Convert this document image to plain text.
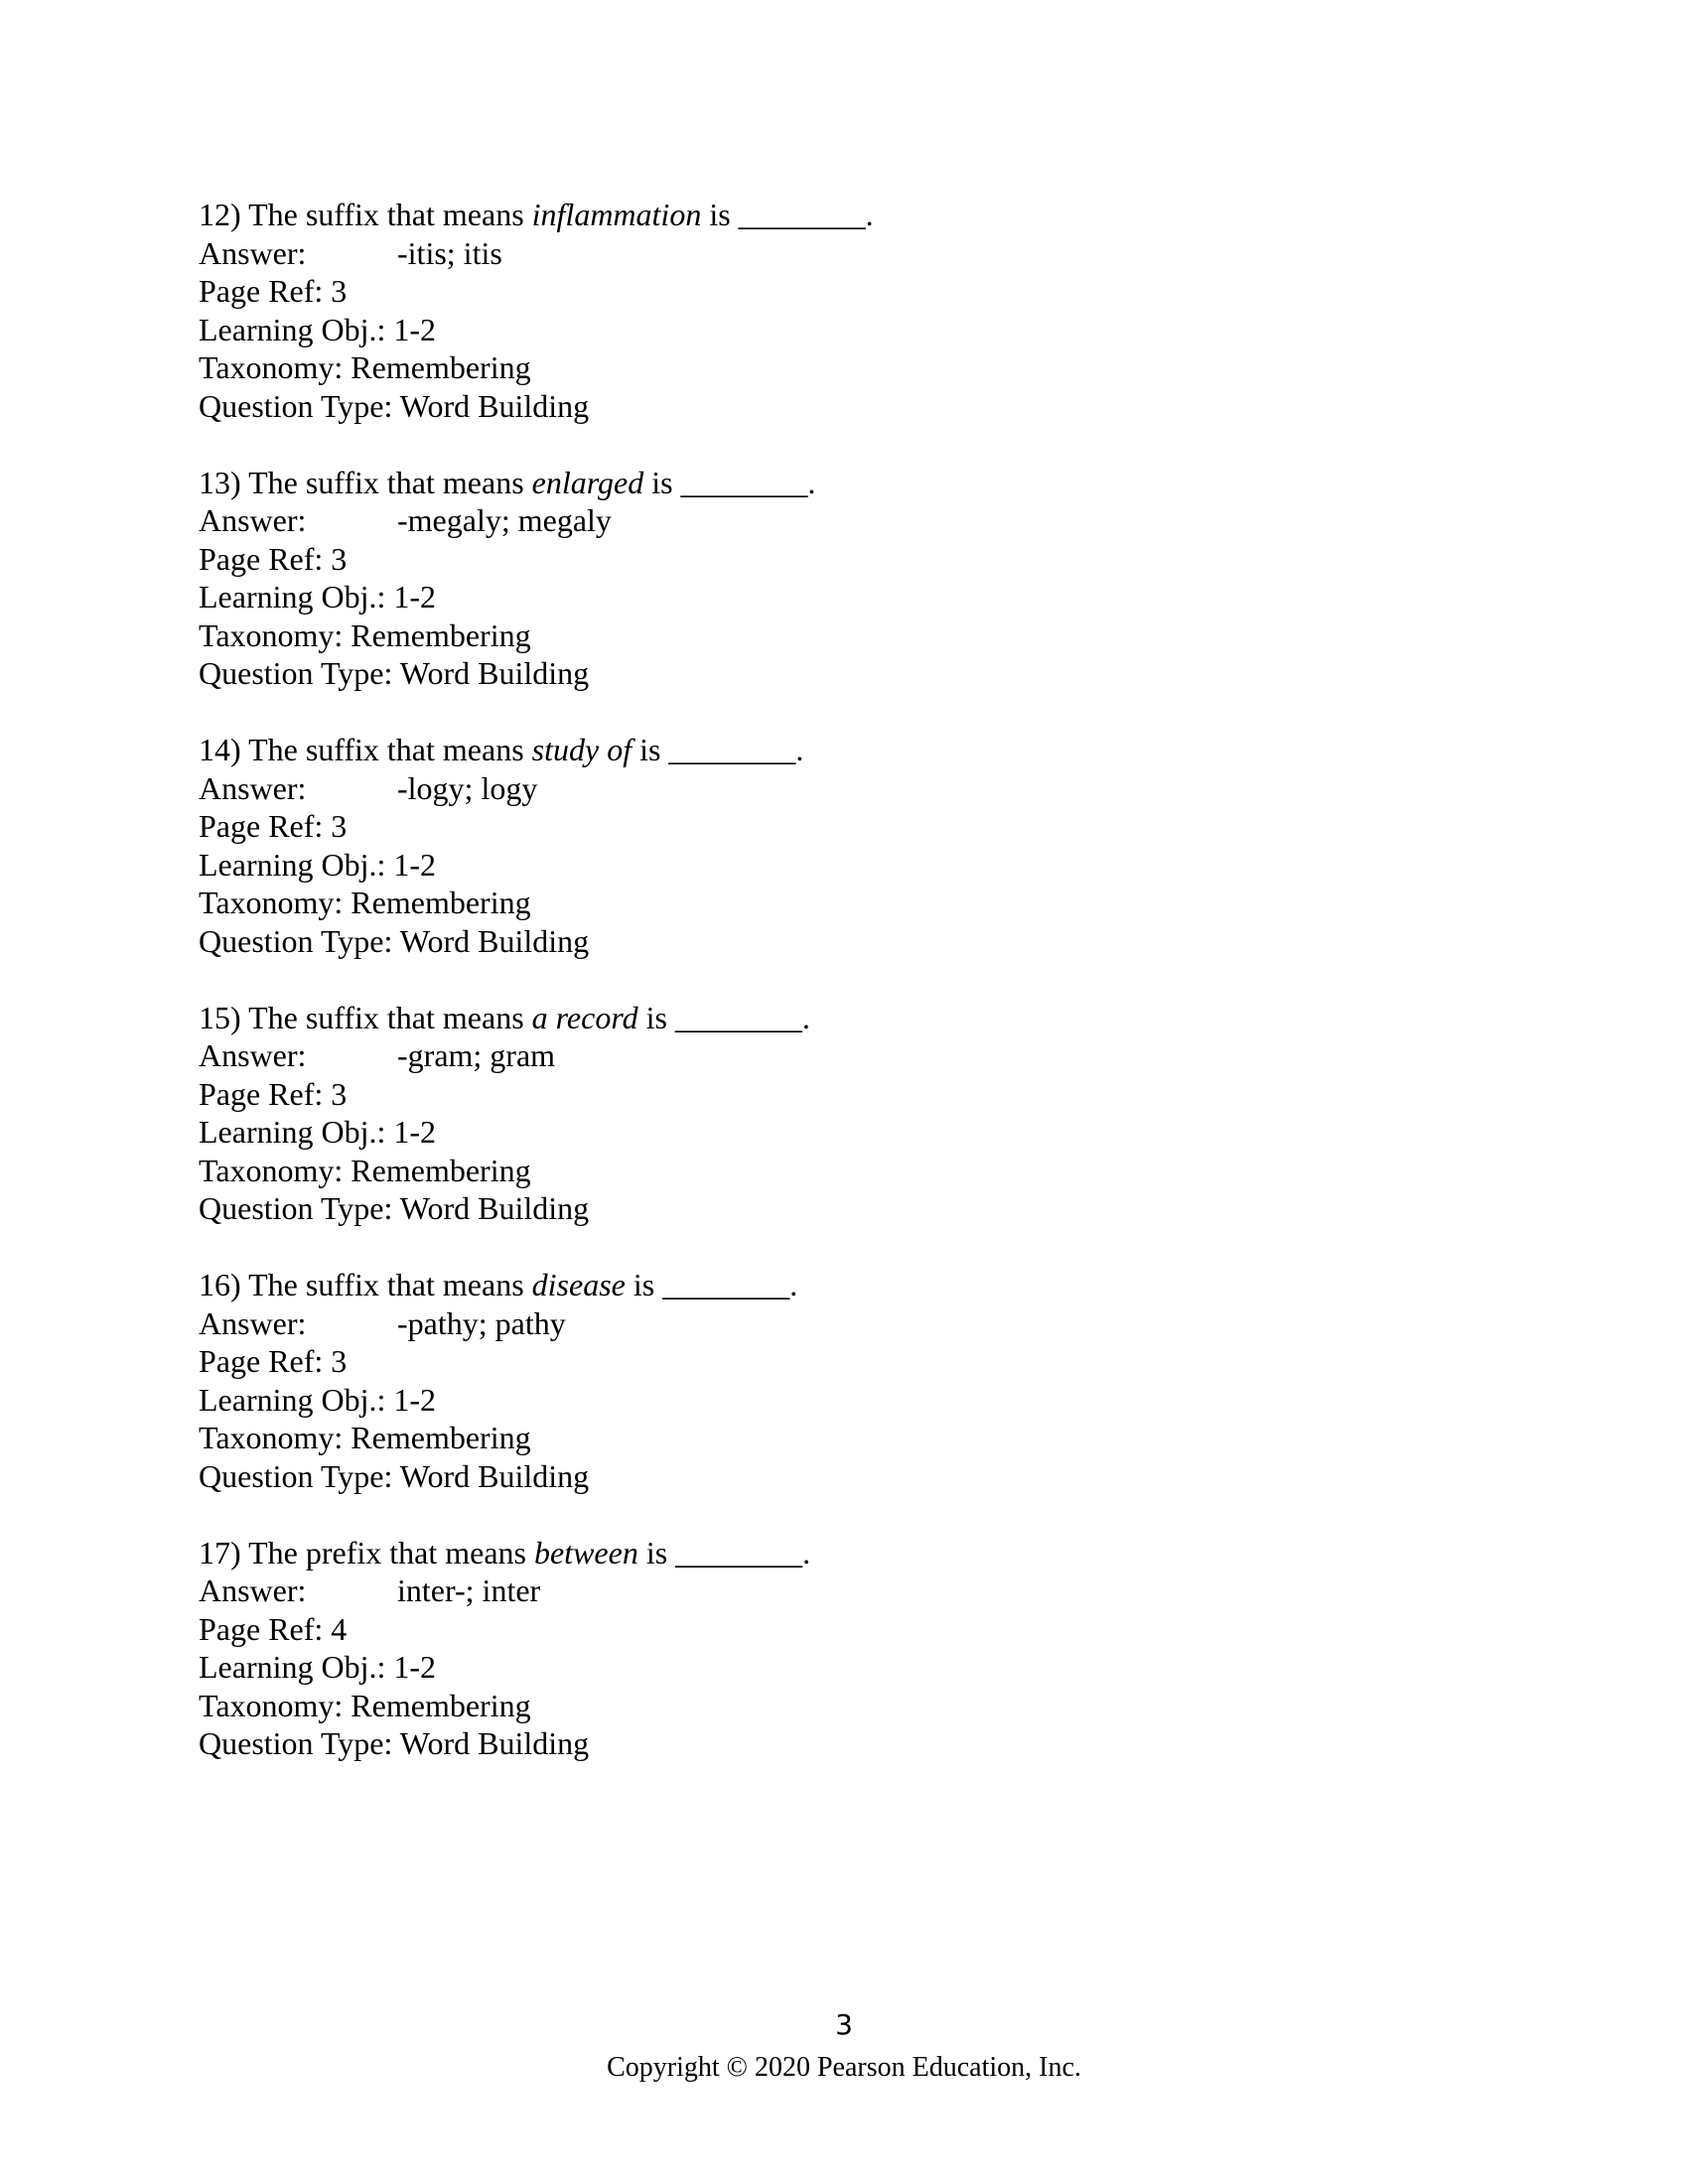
12) The suffix that means inflammation is ________.
Answer:	-itis; itis
Page Ref: 3
Learning Obj.: 1-2
Taxonomy: Remembering
Question Type: Word Building
13) The suffix that means enlarged is ________.
Answer:	-megaly; megaly
Page Ref: 3
Learning Obj.: 1-2
Taxonomy: Remembering
Question Type: Word Building
14) The suffix that means study of is ________.
Answer:	-logy; logy
Page Ref: 3
Learning Obj.: 1-2
Taxonomy: Remembering
Question Type: Word Building
15) The suffix that means a record is ________.
Answer:	-gram; gram
Page Ref: 3
Learning Obj.: 1-2
Taxonomy: Remembering
Question Type: Word Building
16) The suffix that means disease is ________.
Answer:	-pathy; pathy
Page Ref: 3
Learning Obj.: 1-2
Taxonomy: Remembering
Question Type: Word Building
17) The prefix that means between is ________.
Answer:	inter-; inter
Page Ref: 4
Learning Obj.: 1-2
Taxonomy: Remembering
Question Type: Word Building
3
Copyright © 2020 Pearson Education, Inc.
